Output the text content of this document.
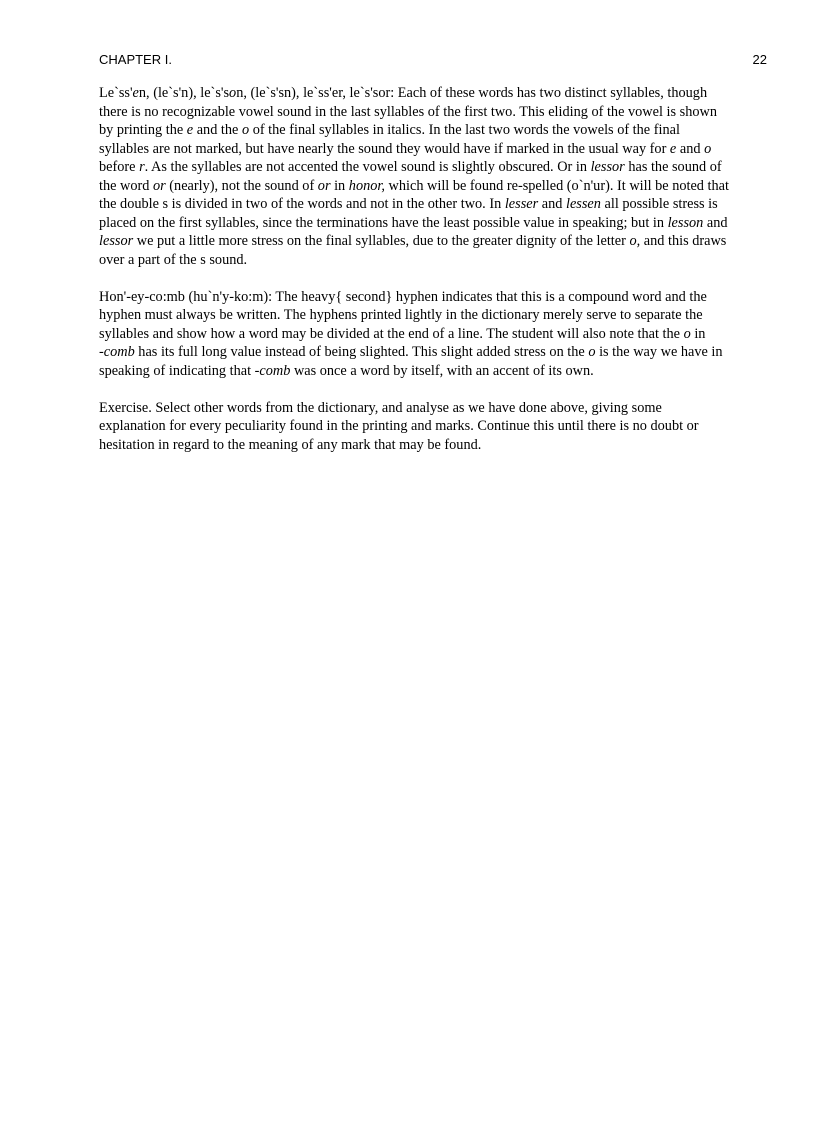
CHAPTER I.	22

Le`ss'en, (le`s'n), le`s'son, (le`s'sn), le`ss'er, le`s'sor: Each of these words has two distinct syllables, though
there is no recognizable vowel sound in the last syllables of the first two. This eliding of the vowel is shown
by printing the e and the o of the final syllables in italics. In the last two words the vowels of the final
syllables are not marked, but have nearly the sound they would have if marked in the usual way for e and o
before r. As the syllables are not accented the vowel sound is slightly obscured. Or in lessor has the sound of
the word or (nearly), not the sound of or in honor, which will be found re-spelled (o`n'ur). It will be noted that
the double s is divided in two of the words and not in the other two. In lesser and lessen all possible stress is
placed on the first syllables, since the terminations have the least possible value in speaking; but in lesson and
lessor we put a little more stress on the final syllables, due to the greater dignity of the letter o, and this draws
over a part of the s sound.

Hon'-ey-co:mb (hu`n'y-ko:m): The heavy{ second} hyphen indicates that this is a compound word and the
hyphen must always be written. The hyphens printed lightly in the dictionary merely serve to separate the
syllables and show how a word may be divided at the end of a line. The student will also note that the o in
-comb has its full long value instead of being slighted. This slight added stress on the o is the way we have in
speaking of indicating that -comb was once a word by itself, with an accent of its own.

Exercise. Select other words from the dictionary, and analyse as we have done above, giving some
explanation for every peculiarity found in the printing and marks. Continue this until there is no doubt or
hesitation in regard to the meaning of any mark that may be found.
